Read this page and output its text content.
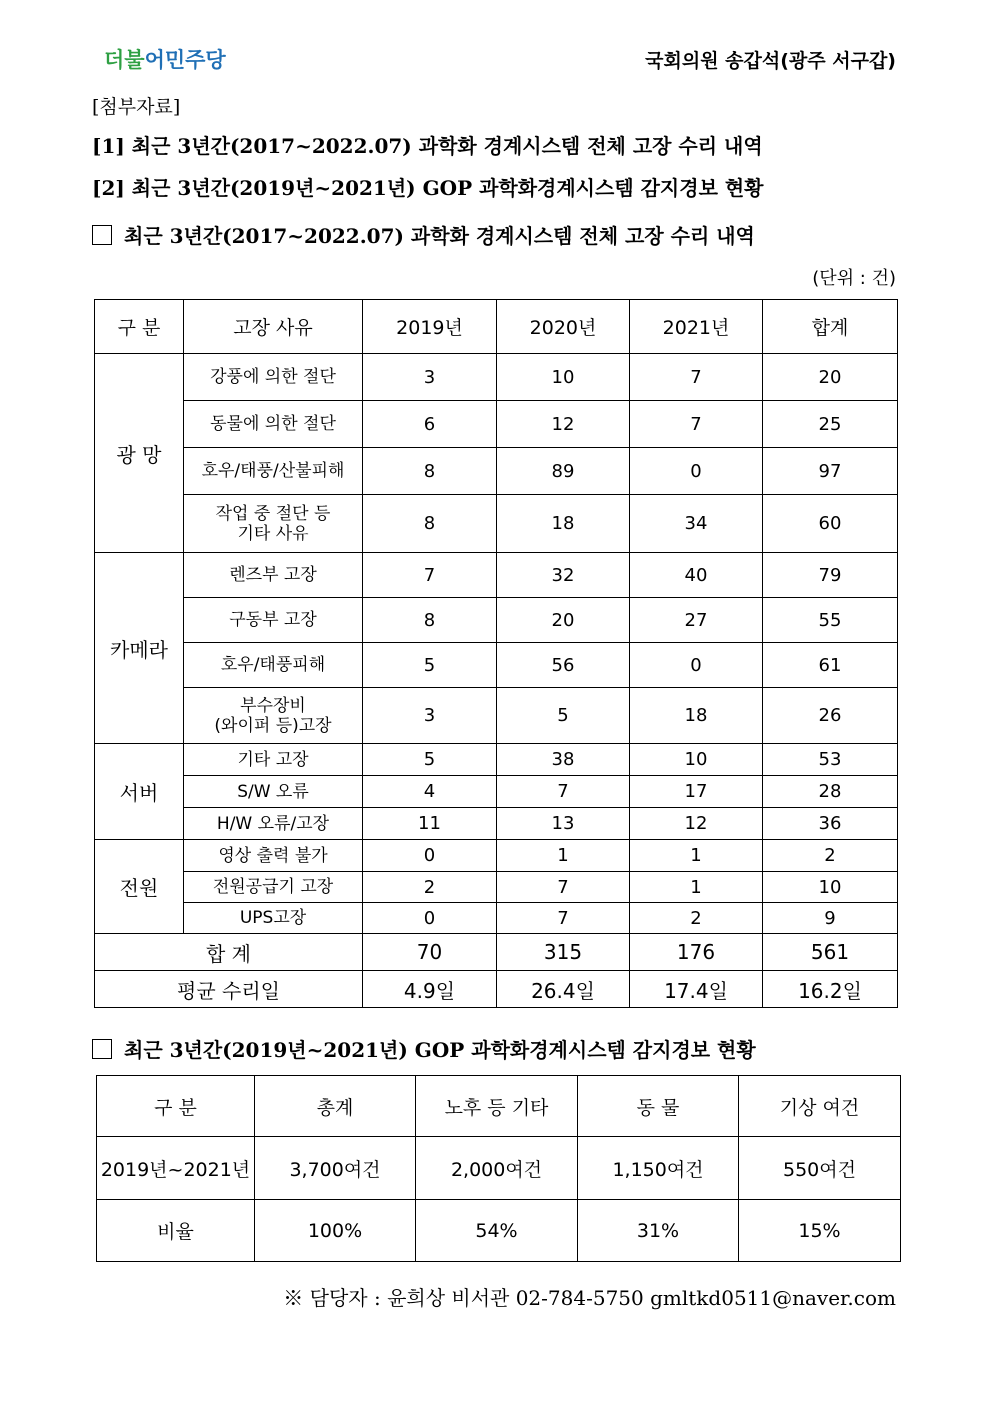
더불어민주당	국회의원 송갑석(광주 서구갑)
[첨부자료]
[1] 최근 3년간(2017~2022.07) 과학화 경계시스템 전체 고장 수리 내역
[2] 최근 3년간(2019년~2021년) GOP 과학화경계시스템 감지경보 현황
최근 3년간(2017~2022.07) 과학화 경계시스템 전체 고장 수리 내역
(단위 : 건)
구 분	고장 사유	2019년	2020년	2021년	합계
광 망	강풍에 의한 절단	3	10	7	20
	동물에 의한 절단	6	12	7	25
	호우/태풍/산불피해	8	89	0	97
	작업 중 절단 등
기타 사유	8	18	34	60
카메라	렌즈부 고장	7	32	40	79
	구동부 고장	8	20	27	55
	호우/태풍피해	5	56	0	61
	부수장비
(와이퍼 등)고장	3	5	18	26
서버	기타 고장	5	38	10	53
	S/W 오류	4	7	17	28
	H/W 오류/고장	11	13	12	36
전원	영상 출력 불가	0	1	1	2
	전원공급기 고장	2	7	1	10
	UPS고장	0	7	2	9
합 계		70	315	176	561
평균 수리일		4.9일	26.4일	17.4일	16.2일
최근 3년간(2019년~2021년) GOP 과학화경계시스템 감지경보 현황
구 분	총계	노후 등 기타	동 물	기상 여건
2019년~2021년	3,700여건	2,000여건	1,150여건	550여건
비율	100%	54%	31%	15%
※ 담당자 : 윤희상 비서관 02-784-5750 gmltkd0511@naver.com
